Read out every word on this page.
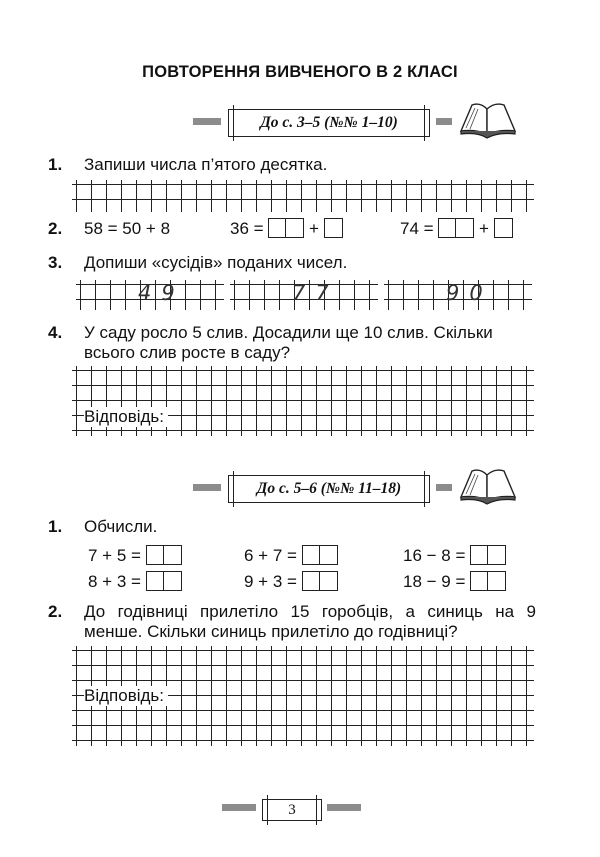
ПОВТОРЕННЯ ВИВЧЕНОГО В 2 КЛАСІ
До с. 3–5 (№№ 1–10)
1. Запиши числа п’ятого десятка.
2. 58 = 50 + 8	36 =	+	74 =	+
3. Допиши «сусідів» поданих чисел.
49	77	90
4. У саду росло 5 слив. Досадили ще 10 слив. Скільки всього слив росте в саду?
Відповідь:
До с. 5–6 (№№ 11–18)
1. Обчисли.
7 + 5 =	6 + 7 =	16 − 8 =
8 + 3 =	9 + 3 =	18 − 9 =
2. До годівниці прилетіло 15 горобців, а синиць на 9 менше. Скільки синиць прилетіло до годівниці?
Відповідь:
3
